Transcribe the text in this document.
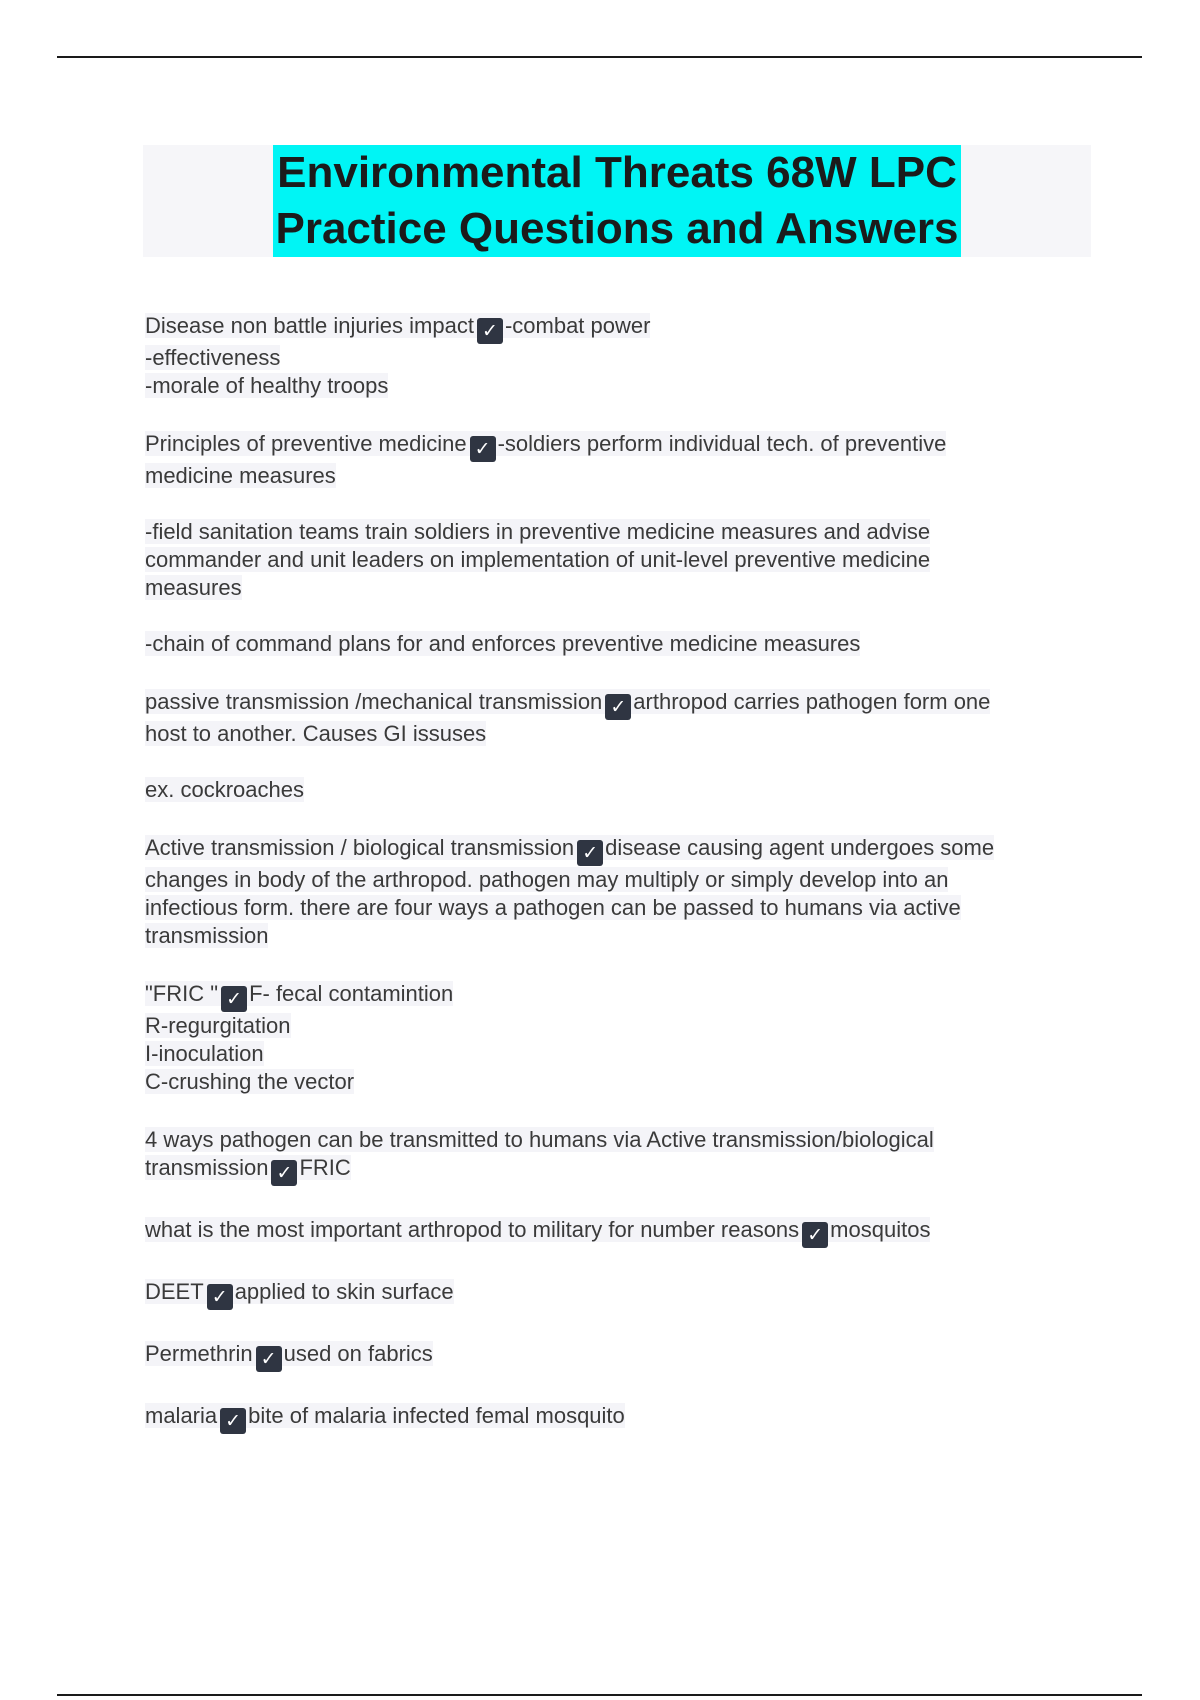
Environmental Threats 68W LPC
Practice Questions and Answers
Disease non battle injuries impact ✓ -combat power
-effectiveness
-morale of healthy troops
Principles of preventive medicine ✓ -soldiers perform individual tech. of preventive
medicine measures
-field sanitation teams train soldiers in preventive medicine measures and advise
commander and unit leaders on implementation of unit-level preventive medicine
measures
-chain of command plans for and enforces preventive medicine measures
passive transmission /mechanical transmission ✓ arthropod carries pathogen form one
host to another. Causes GI issuses
ex. cockroaches
Active transmission / biological transmission ✓ disease causing agent undergoes some
changes in body of the arthropod. pathogen may multiply or simply develop into an
infectious form. there are four ways a pathogen can be passed to humans via active
transmission
"FRIC " ✓ F- fecal contamintion
R-regurgitation
I-inoculation
C-crushing the vector
4 ways pathogen can be transmitted to humans via Active transmission/biological
transmission ✓ FRIC
what is the most important arthropod to military for number reasons ✓ mosquitos
DEET ✓ applied to skin surface
Permethrin ✓ used on fabrics
malaria ✓ bite of malaria infected femal mosquito
